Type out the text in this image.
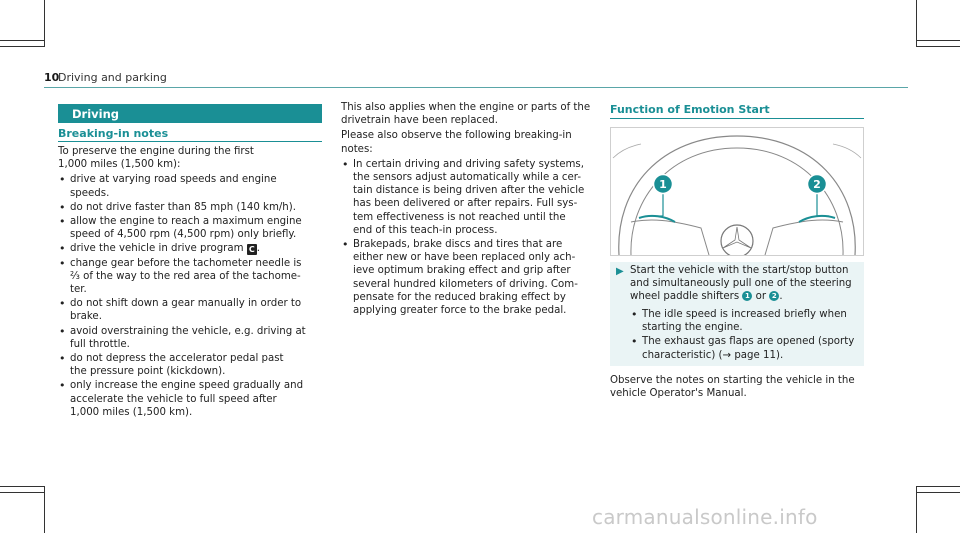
10
Driving and parking
Driving
Breaking-in notes

To preserve the engine during the first
1,000 miles (1,500 km):

• drive at varying road speeds and engine
speeds.
• do not drive faster than 85 mph (140 km/h).
• allow the engine to reach a maximum engine
speed of 4,500 rpm (4,500 rpm) only briefly.
• drive the vehicle in drive program C .
• change gear before the tachometer needle is
⅔ of the way to the red area of the tachome-
ter.
• do not shift down a gear manually in order to
brake.
• avoid overstraining the vehicle, e.g. driving at
full throttle.
• do not depress the accelerator pedal past
the pressure point (kickdown).
• only increase the engine speed gradually and
accelerate the vehicle to full speed after
1,000 miles (1,500 km).

This also applies when the engine or parts of the
drivetrain have been replaced.

Please also observe the following breaking-in
notes:

• In certain driving and driving safety systems,
the sensors adjust automatically while a cer-
tain distance is being driven after the vehicle
has been delivered or after repairs. Full sys-
tem effectiveness is not reached until the
end of this teach-in process.
• Brakepads, brake discs and tires that are
either new or have been replaced only ach-
ieve optimum braking effect and grip after
several hundred kilometers of driving. Com-
pensate for the reduced braking effect by
applying greater force to the brake pedal.
Function of Emotion Start
1	2
▶ Start the vehicle with the start/stop button
and simultaneously pull one of the steering
wheel paddle shifters 1 or 2 .
• The idle speed is increased briefly when
starting the engine.
• The exhaust gas flaps are opened (sporty
characteristic) (→ page 11).
Observe the notes on starting the vehicle in the
vehicle Operator's Manual.
carmanualsonline.info
